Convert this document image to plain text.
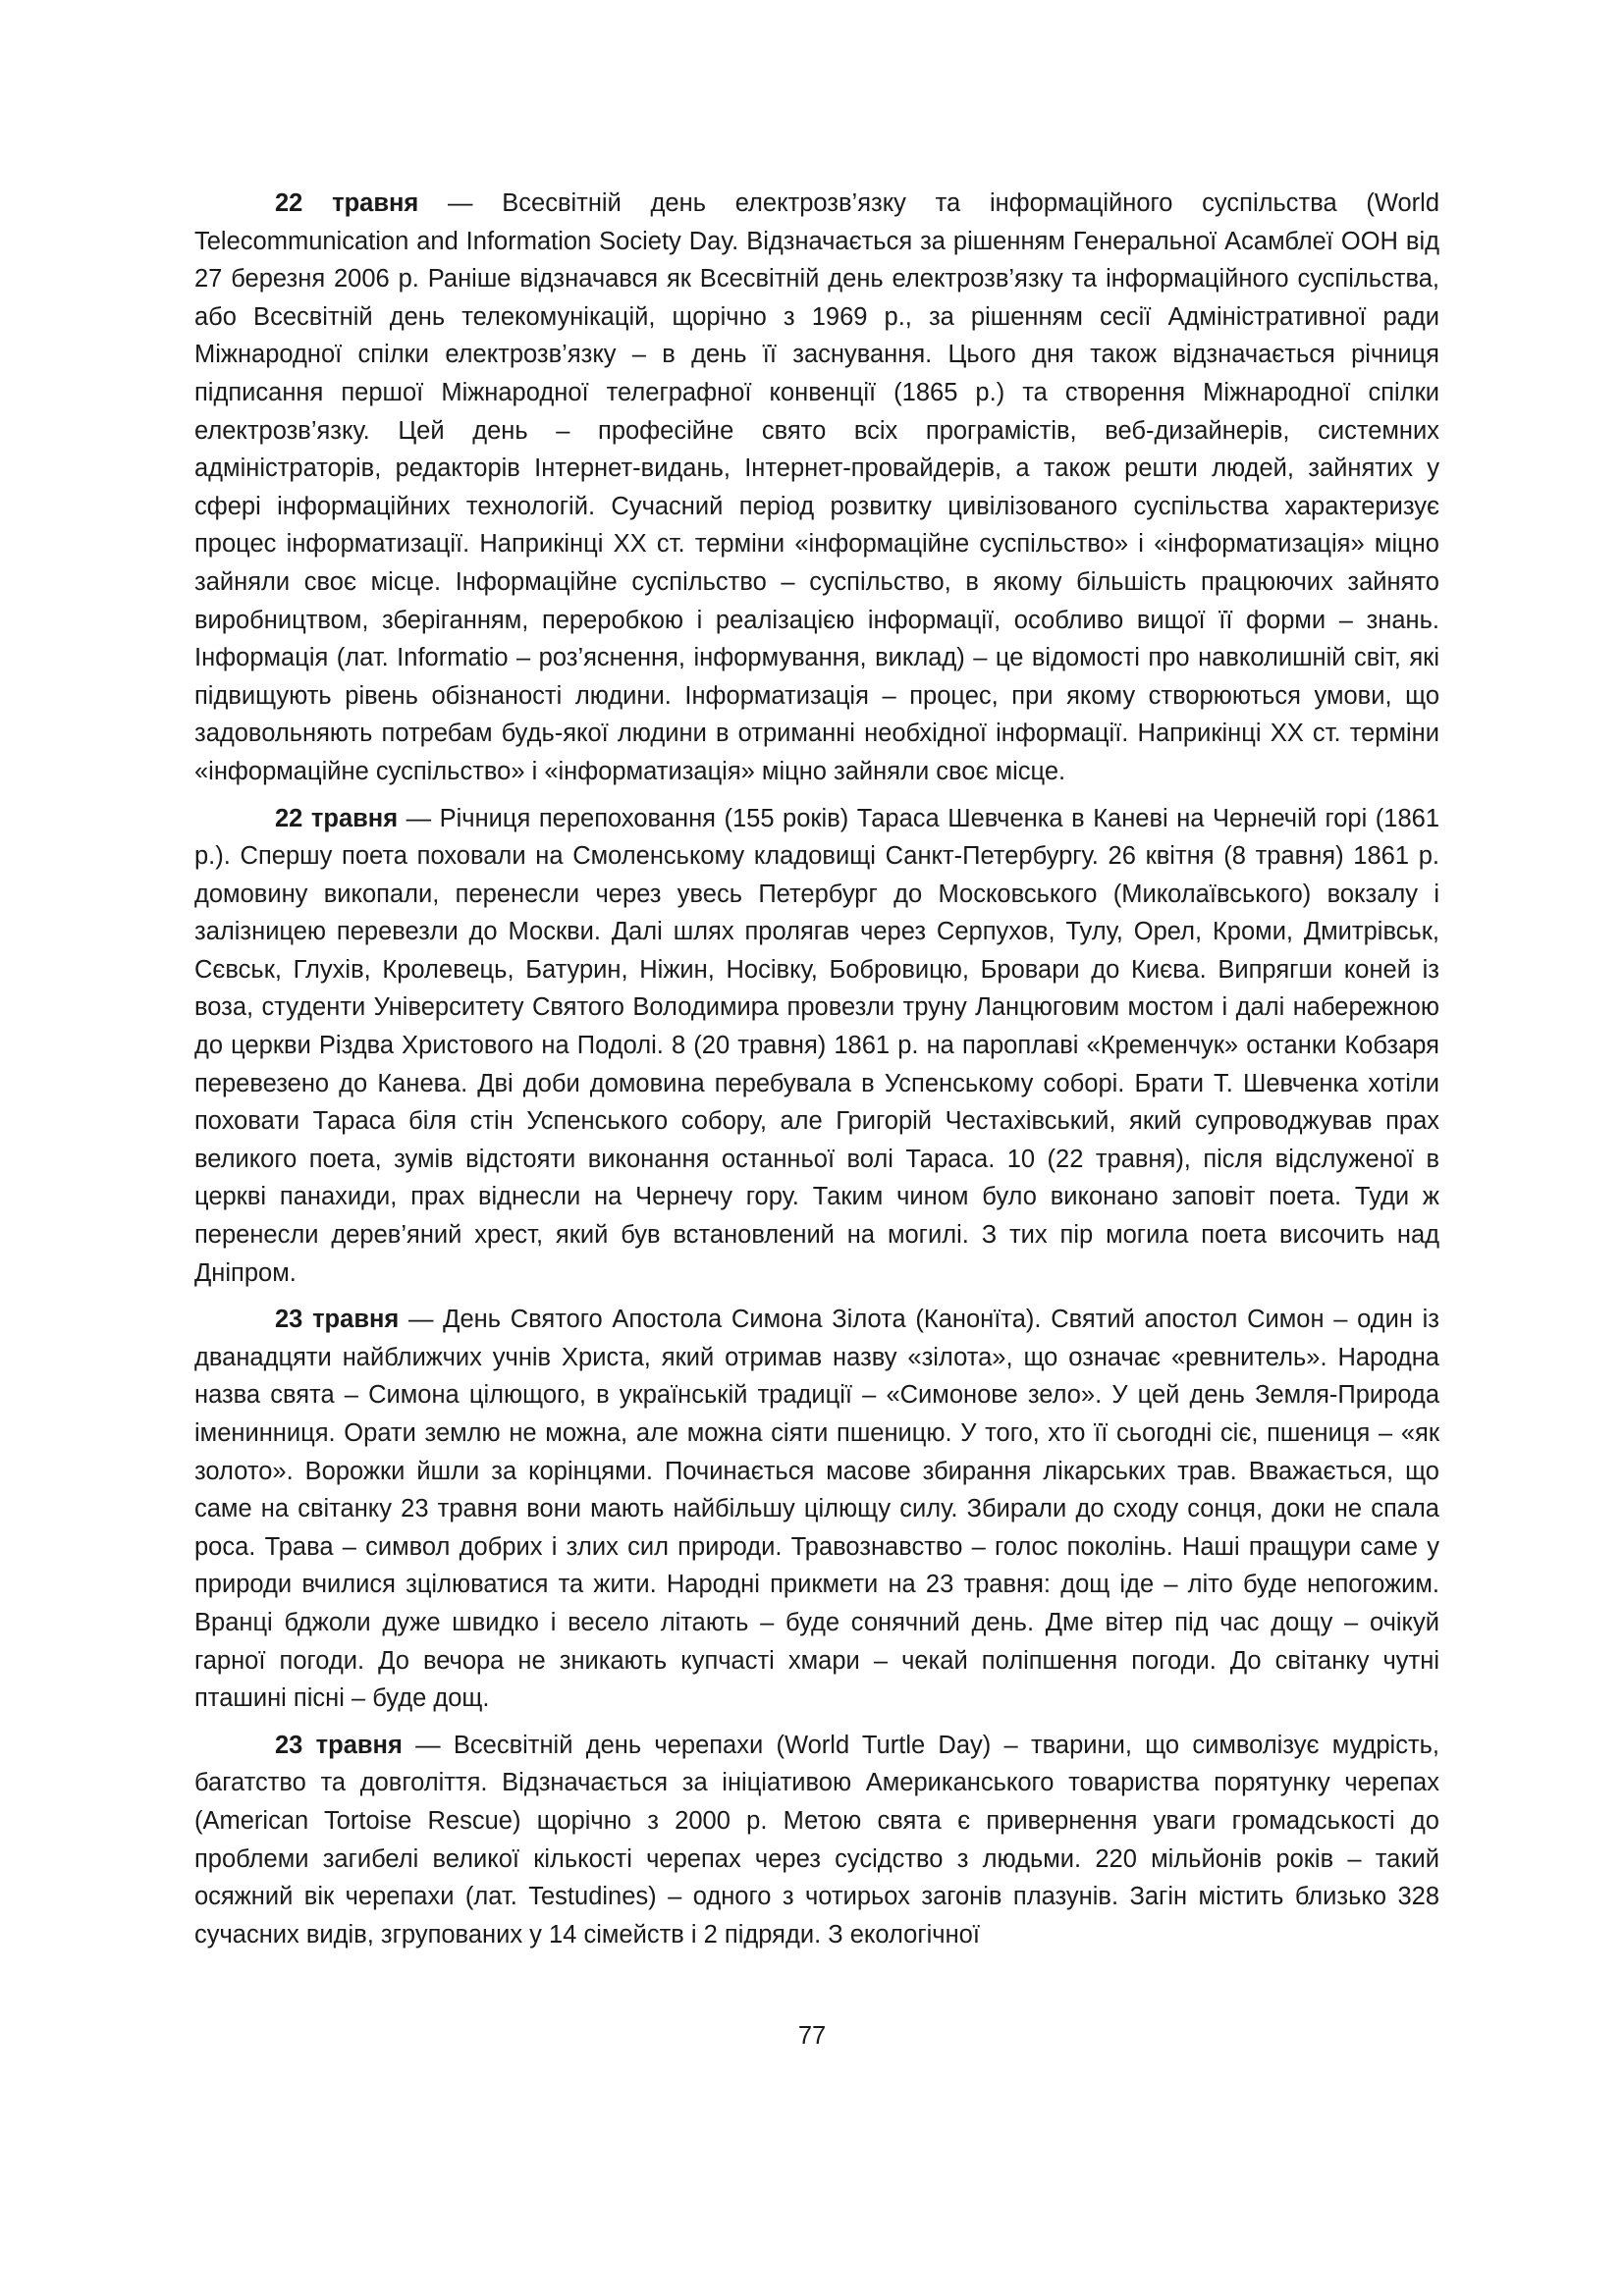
22 травня — Всесвітній день електрозв’язку та інформаційного суспільства (World Telecommunication and Information Society Day. Відзначається за рішенням Генеральної Асамблеї ООН від 27 березня 2006 р. Раніше відзначався як Всесвітній день електрозв’язку та інформаційного суспільства, або Всесвітній день телекомунікацій, щорічно з 1969 р., за рішенням сесії Адміністративної ради Міжнародної спілки електрозв’язку – в день її заснування. Цього дня також відзначається річниця підписання першої Міжнародної телеграфної конвенції (1865 р.) та створення Міжнародної спілки електрозв’язку. Цей день – професійне свято всіх програмістів, веб-дизайнерів, системних адміністраторів, редакторів Інтернет-видань, Інтернет-провайдерів, а також решти людей, зайнятих у сфері інформаційних технологій. Сучасний період розвитку цивілізованого суспільства характеризує процес інформатизації. Наприкінці XX ст. терміни «інформаційне суспільство» і «інформатизація» міцно зайняли своє місце. Інформаційне суспільство – суспільство, в якому більшість працюючих зайнято виробництвом, зберіганням, переробкою і реалізацією інформації, особливо вищої її форми – знань. Інформація (лат. Informatio – роз’яснення, інформування, виклад) – це відомості про навколишній світ, які підвищують рівень обізнаності людини. Інформатизація – процес, при якому створюються умови, що задовольняють потребам будь-якої людини в отриманні необхідної інформації. Наприкінці XX ст. терміни «інформаційне суспільство» і «інформатизація» міцно зайняли своє місце.

22 травня — Річниця перепоховання (155 років) Тараса Шевченка в Каневі на Чернечій горі (1861 р.). Спершу поета поховали на Смоленському кладовищі Санкт-Петербургу. 26 квітня (8 травня) 1861 р. домовину викопали, перенесли через увесь Петербург до Московського (Миколаївського) вокзалу і залізницею перевезли до Москви. Далі шлях пролягав через Серпухов, Тулу, Орел, Кроми, Дмитрівськ, Сєвськ, Глухів, Кролевець, Батурин, Ніжин, Носівку, Бобровицю, Бровари до Києва. Випрягши коней із воза, студенти Університету Святого Володимира провезли труну Ланцюговим мостом і далі набережною до церкви Різдва Христового на Подолі. 8 (20 травня) 1861 р. на пароплаві «Кременчук» останки Кобзаря перевезено до Канева. Дві доби домовина перебувала в Успенському соборі. Брати Т. Шевченка хотіли поховати Тараса біля стін Успенського собору, але Григорій Честахівський, який супроводжував прах великого поета, зумів відстояти виконання останньої волі Тараса. 10 (22 травня), після відслуженої в церкві панахиди, прах віднесли на Чернечу гору. Таким чином було виконано заповіт поета. Туди ж перенесли дерев’яний хрест, який був встановлений на могилі. З тих пір могила поета височить над Дніпром.

23 травня — День Святого Апостола Симона Зілота (Канонїта). Святий апостол Симон – один із дванадцяти найближчих учнів Христа, який отримав назву «зілота», що означає «ревнитель». Народна назва свята – Симона цілющого, в українській традиції – «Симонове зело». У цей день Земля-Природа іменинниця. Орати землю не можна, але можна сіяти пшеницю. У того, хто її сьогодні сіє, пшениця – «як золото». Ворожки йшли за корінцями. Починається масове збирання лікарських трав. Вважається, що саме на світанку 23 травня вони мають найбільшу цілющу силу. Збирали до сходу сонця, доки не спала роса. Трава – символ добрих і злих сил природи. Травознавство – голос поколінь. Наші пращури саме у природи вчилися зцілюватися та жити. Народні прикмети на 23 травня: дощ іде – літо буде непогожим. Вранці бджоли дуже швидко і весело літають – буде сонячний день. Дме вітер під час дощу – очікуй гарної погоди. До вечора не зникають купчасті хмари – чекай поліпшення погоди. До світанку чутні пташині пісні – буде дощ.

23 травня — Всесвітній день черепахи (World Turtle Day) – тварини, що символізує мудрість, багатство та довголіття. Відзначається за ініціативою Американського товариства порятунку черепах (American Tortoise Rescue) щорічно з 2000 р. Метою свята є привернення уваги громадськості до проблеми загибелі великої кількості черепах через сусідство з людьми. 220 мільйонів років – такий осяжний вік черепахи (лат. Testudines) – одного з чотирьох загонів плазунів. Загін містить близько 328 сучасних видів, згрупованих у 14 сімейств і 2 підряди. З екологічної

77
